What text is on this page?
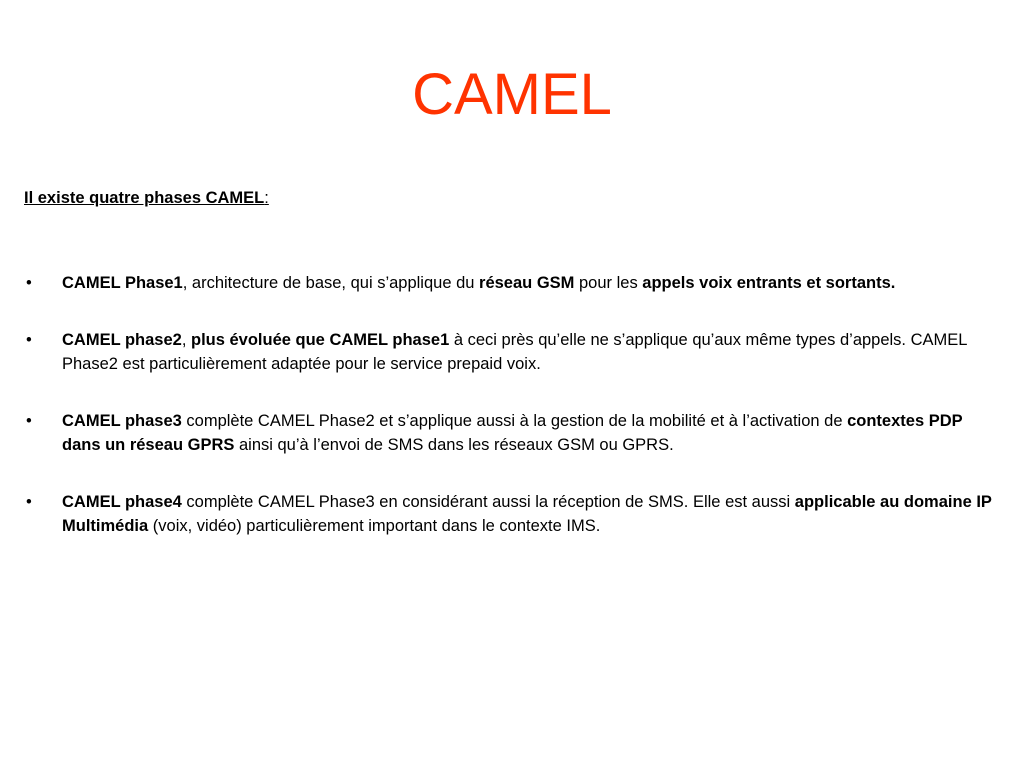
CAMEL

Il existe quatre phases CAMEL:

• CAMEL Phase1, architecture de base, qui s’applique du réseau GSM pour les appels voix entrants et sortants.
• CAMEL phase2, plus évoluée que CAMEL phase1 à ceci près qu’elle ne s’applique qu’aux même types d’appels. CAMEL Phase2 est particulièrement adaptée pour le service prepaid voix.
• CAMEL phase3 complète CAMEL Phase2 et s’applique aussi à la gestion de la mobilité et à l’activation de contextes PDP dans un réseau GPRS ainsi qu’à l’envoi de SMS dans les réseaux GSM ou GPRS.
• CAMEL phase4 complète CAMEL Phase3 en considérant aussi la réception de SMS. Elle est aussi applicable au domaine IP Multimédia (voix, vidéo) particulièrement important dans le contexte IMS.
